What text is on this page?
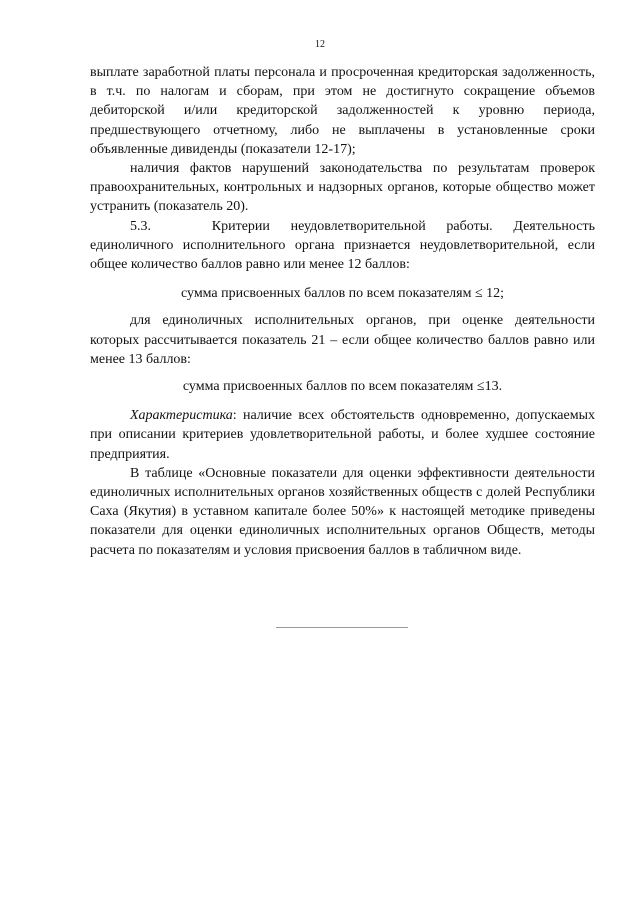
12

выплате заработной платы персонала и просроченная кредиторская задолженность, в т.ч. по налогам и сборам, при этом не достигнуто сокращение объемов дебиторской и/или кредиторской задолженностей к уровню периода, предшествующего отчетному, либо не выплачены в установленные сроки объявленные дивиденды (показатели 12-17);

наличия фактов нарушений законодательства по результатам проверок правоохранительных, контрольных и надзорных органов, которые общество может устранить (показатель 20).

5.3.	Критерии неудовлетворительной работы. Деятельность единоличного исполнительного органа признается неудовлетворительной, если общее количество баллов равно или менее 12 баллов:

сумма присвоенных баллов по всем показателям ≤ 12;

для единоличных исполнительных органов, при оценке деятельности которых рассчитывается показатель 21 – если общее количество баллов равно или менее 13 баллов:

сумма присвоенных баллов по всем показателям ≤13.

Характеристика: наличие всех обстоятельств одновременно, допускаемых при описании критериев удовлетворительной работы, и более худшее состояние предприятия.

В таблице «Основные показатели для оценки эффективности деятельности единоличных исполнительных органов хозяйственных обществ с долей Республики Саха (Якутия) в уставном капитале более 50%» к настоящей методике приведены показатели для оценки единоличных исполнительных органов Обществ, методы расчета по показателям и условия присвоения баллов в табличном виде.
